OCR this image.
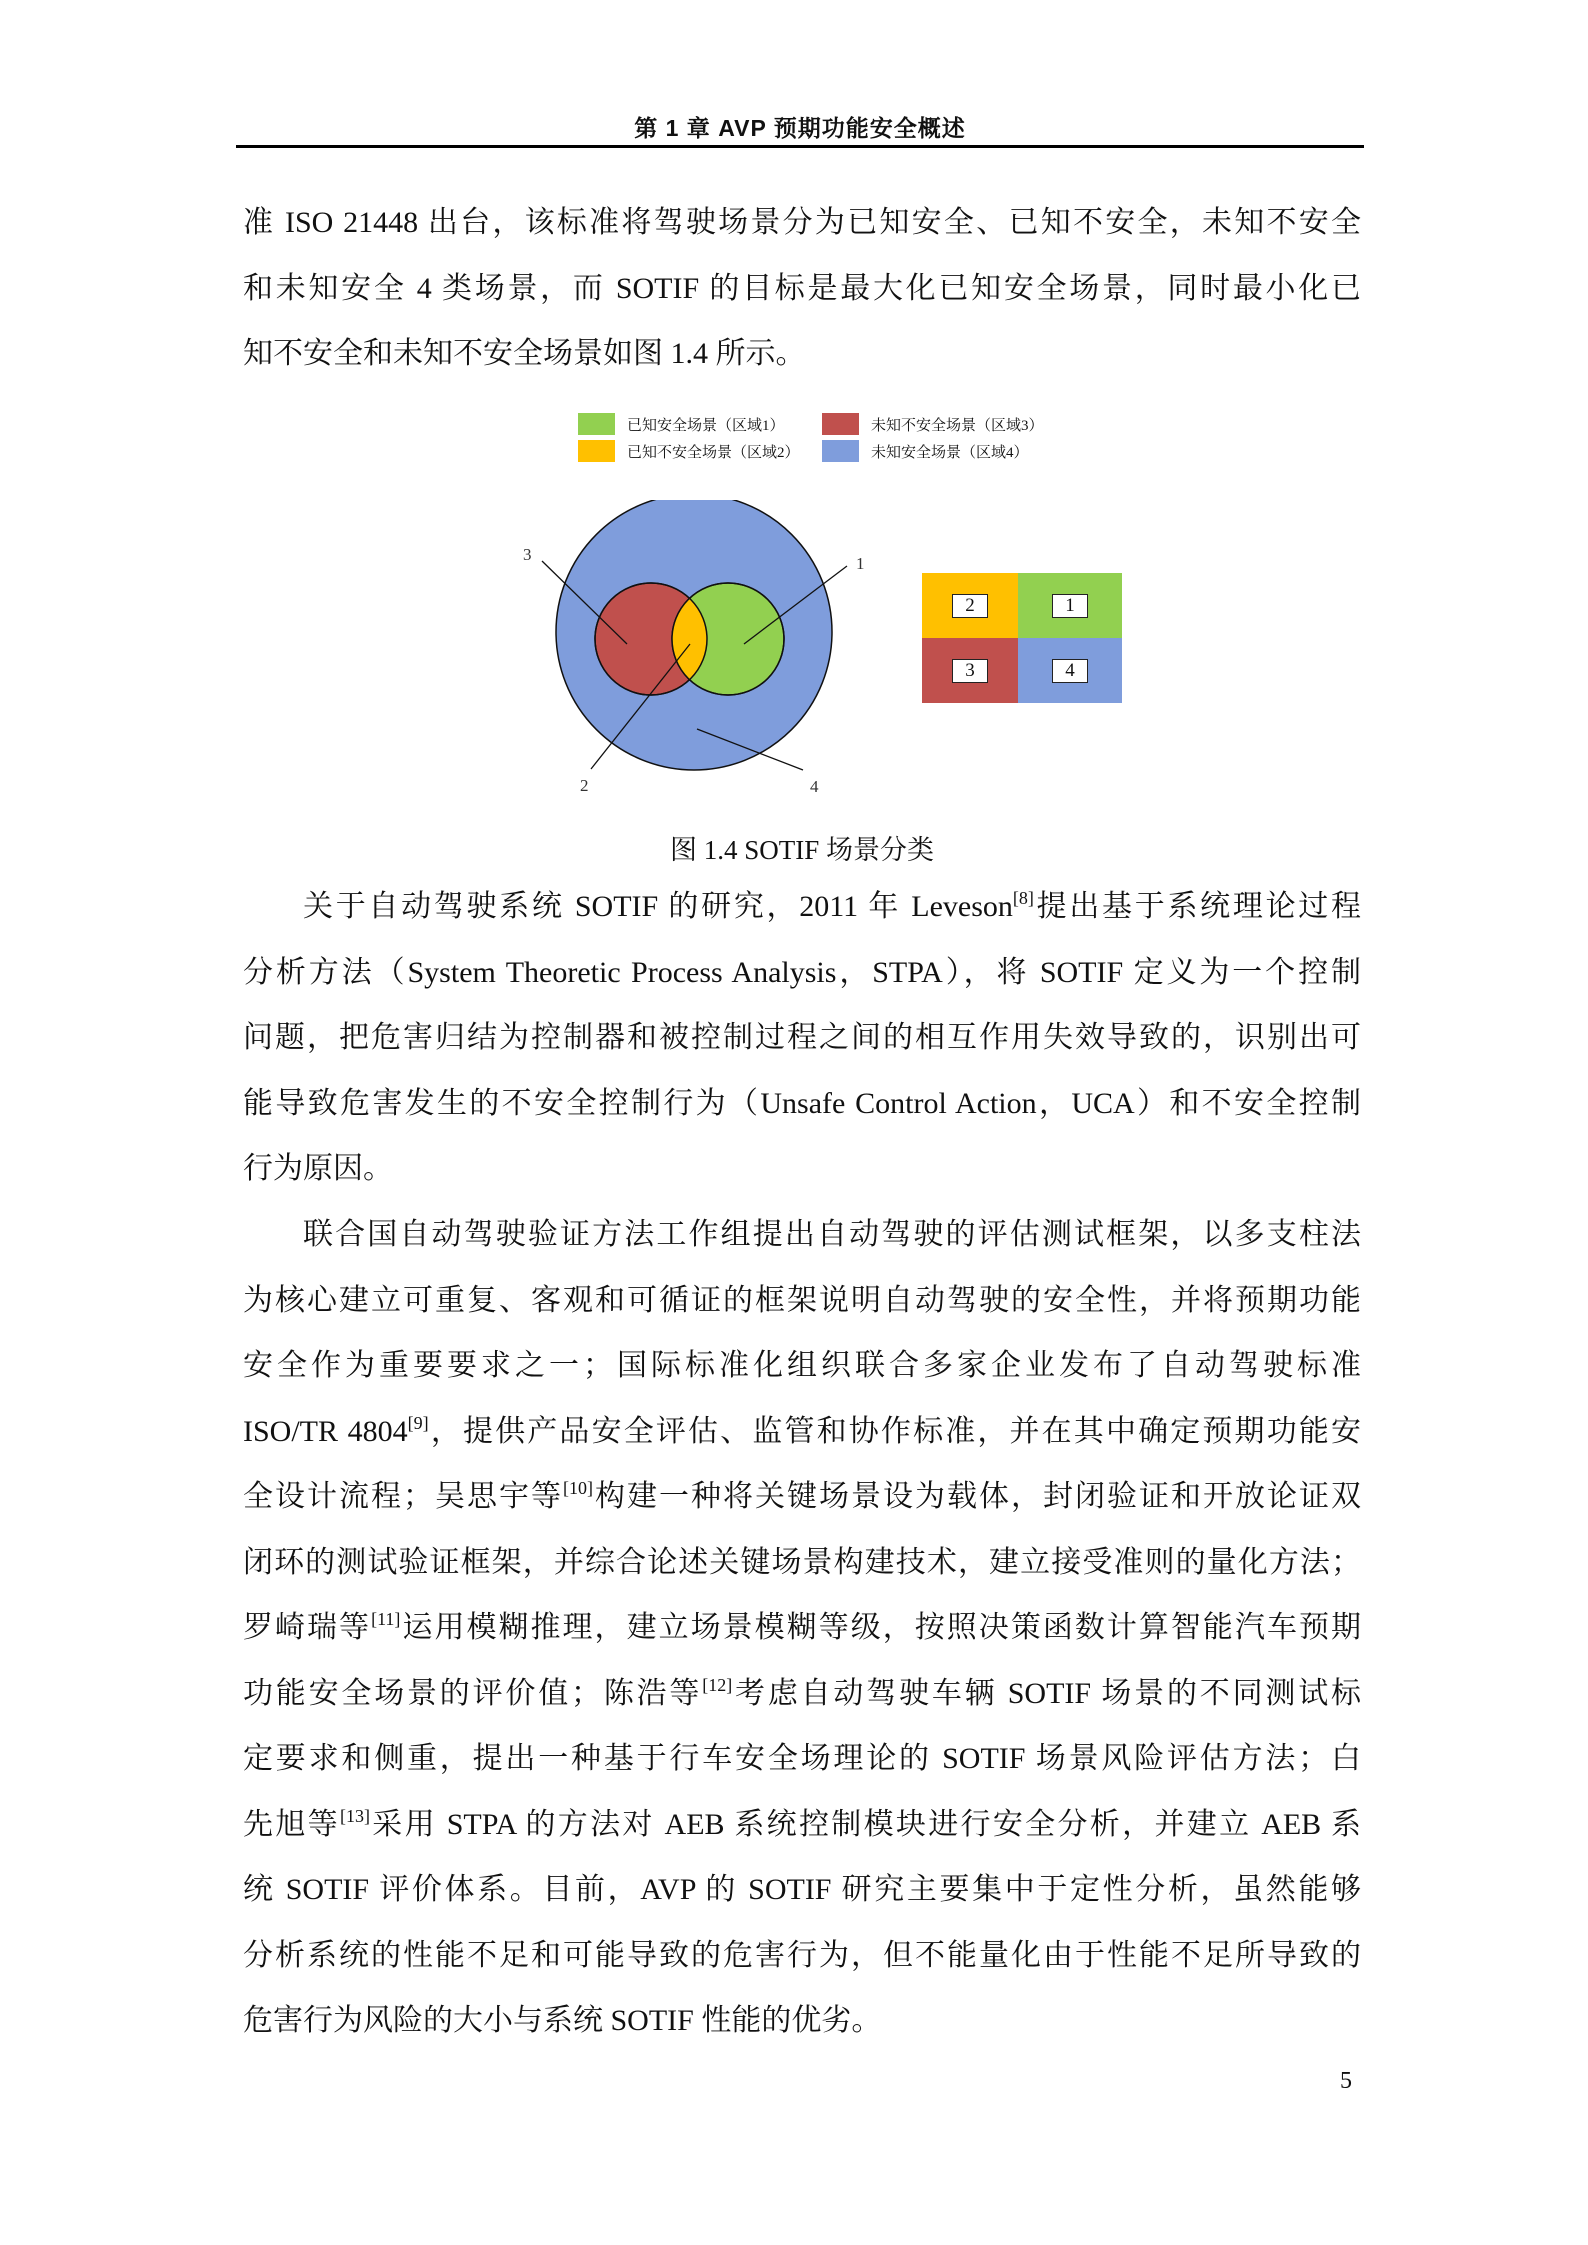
第 1 章 AVP 预期功能安全概述
准 ISO 21448 出台，该标准将驾驶场景分为已知安全、已知不安全，未知不安全
和未知安全 4 类场景，而 SOTIF 的目标是最大化已知安全场景，同时最小化已
知不安全和未知不安全场景如图 1.4 所示。
已知安全场景（区域1）
已知不安全场景（区域2）
未知不安全场景（区域3）
未知安全场景（区域4）
3	1
2	4
2	1
3	4
图 1.4 SOTIF 场景分类
关于自动驾驶系统 SOTIF 的研究，2011 年 Leveson[8]提出基于系统理论过程
分析方法（System Theoretic Process Analysis，STPA），将 SOTIF 定义为一个控制
问题，把危害归结为控制器和被控制过程之间的相互作用失效导致的，识别出可
能导致危害发生的不安全控制行为（Unsafe Control Action，UCA）和不安全控制
行为原因。
联合国自动驾驶验证方法工作组提出自动驾驶的评估测试框架，以多支柱法
为核心建立可重复、客观和可循证的框架说明自动驾驶的安全性，并将预期功能
安全作为重要要求之一；国际标准化组织联合多家企业发布了自动驾驶标准
ISO/TR 4804[9]，提供产品安全评估、监管和协作标准，并在其中确定预期功能安
全设计流程；吴思宇等[10]构建一种将关键场景设为载体，封闭验证和开放论证双
闭环的测试验证框架，并综合论述关键场景构建技术，建立接受准则的量化方法；
罗崎瑞等[11]运用模糊推理，建立场景模糊等级，按照决策函数计算智能汽车预期
功能安全场景的评价值；陈浩等[12]考虑自动驾驶车辆 SOTIF 场景的不同测试标
定要求和侧重，提出一种基于行车安全场理论的 SOTIF 场景风险评估方法；白
先旭等[13]采用 STPA 的方法对 AEB 系统控制模块进行安全分析，并建立 AEB 系
统 SOTIF 评价体系。目前，AVP 的 SOTIF 研究主要集中于定性分析，虽然能够
分析系统的性能不足和可能导致的危害行为，但不能量化由于性能不足所导致的
危害行为风险的大小与系统 SOTIF 性能的优劣。
5
